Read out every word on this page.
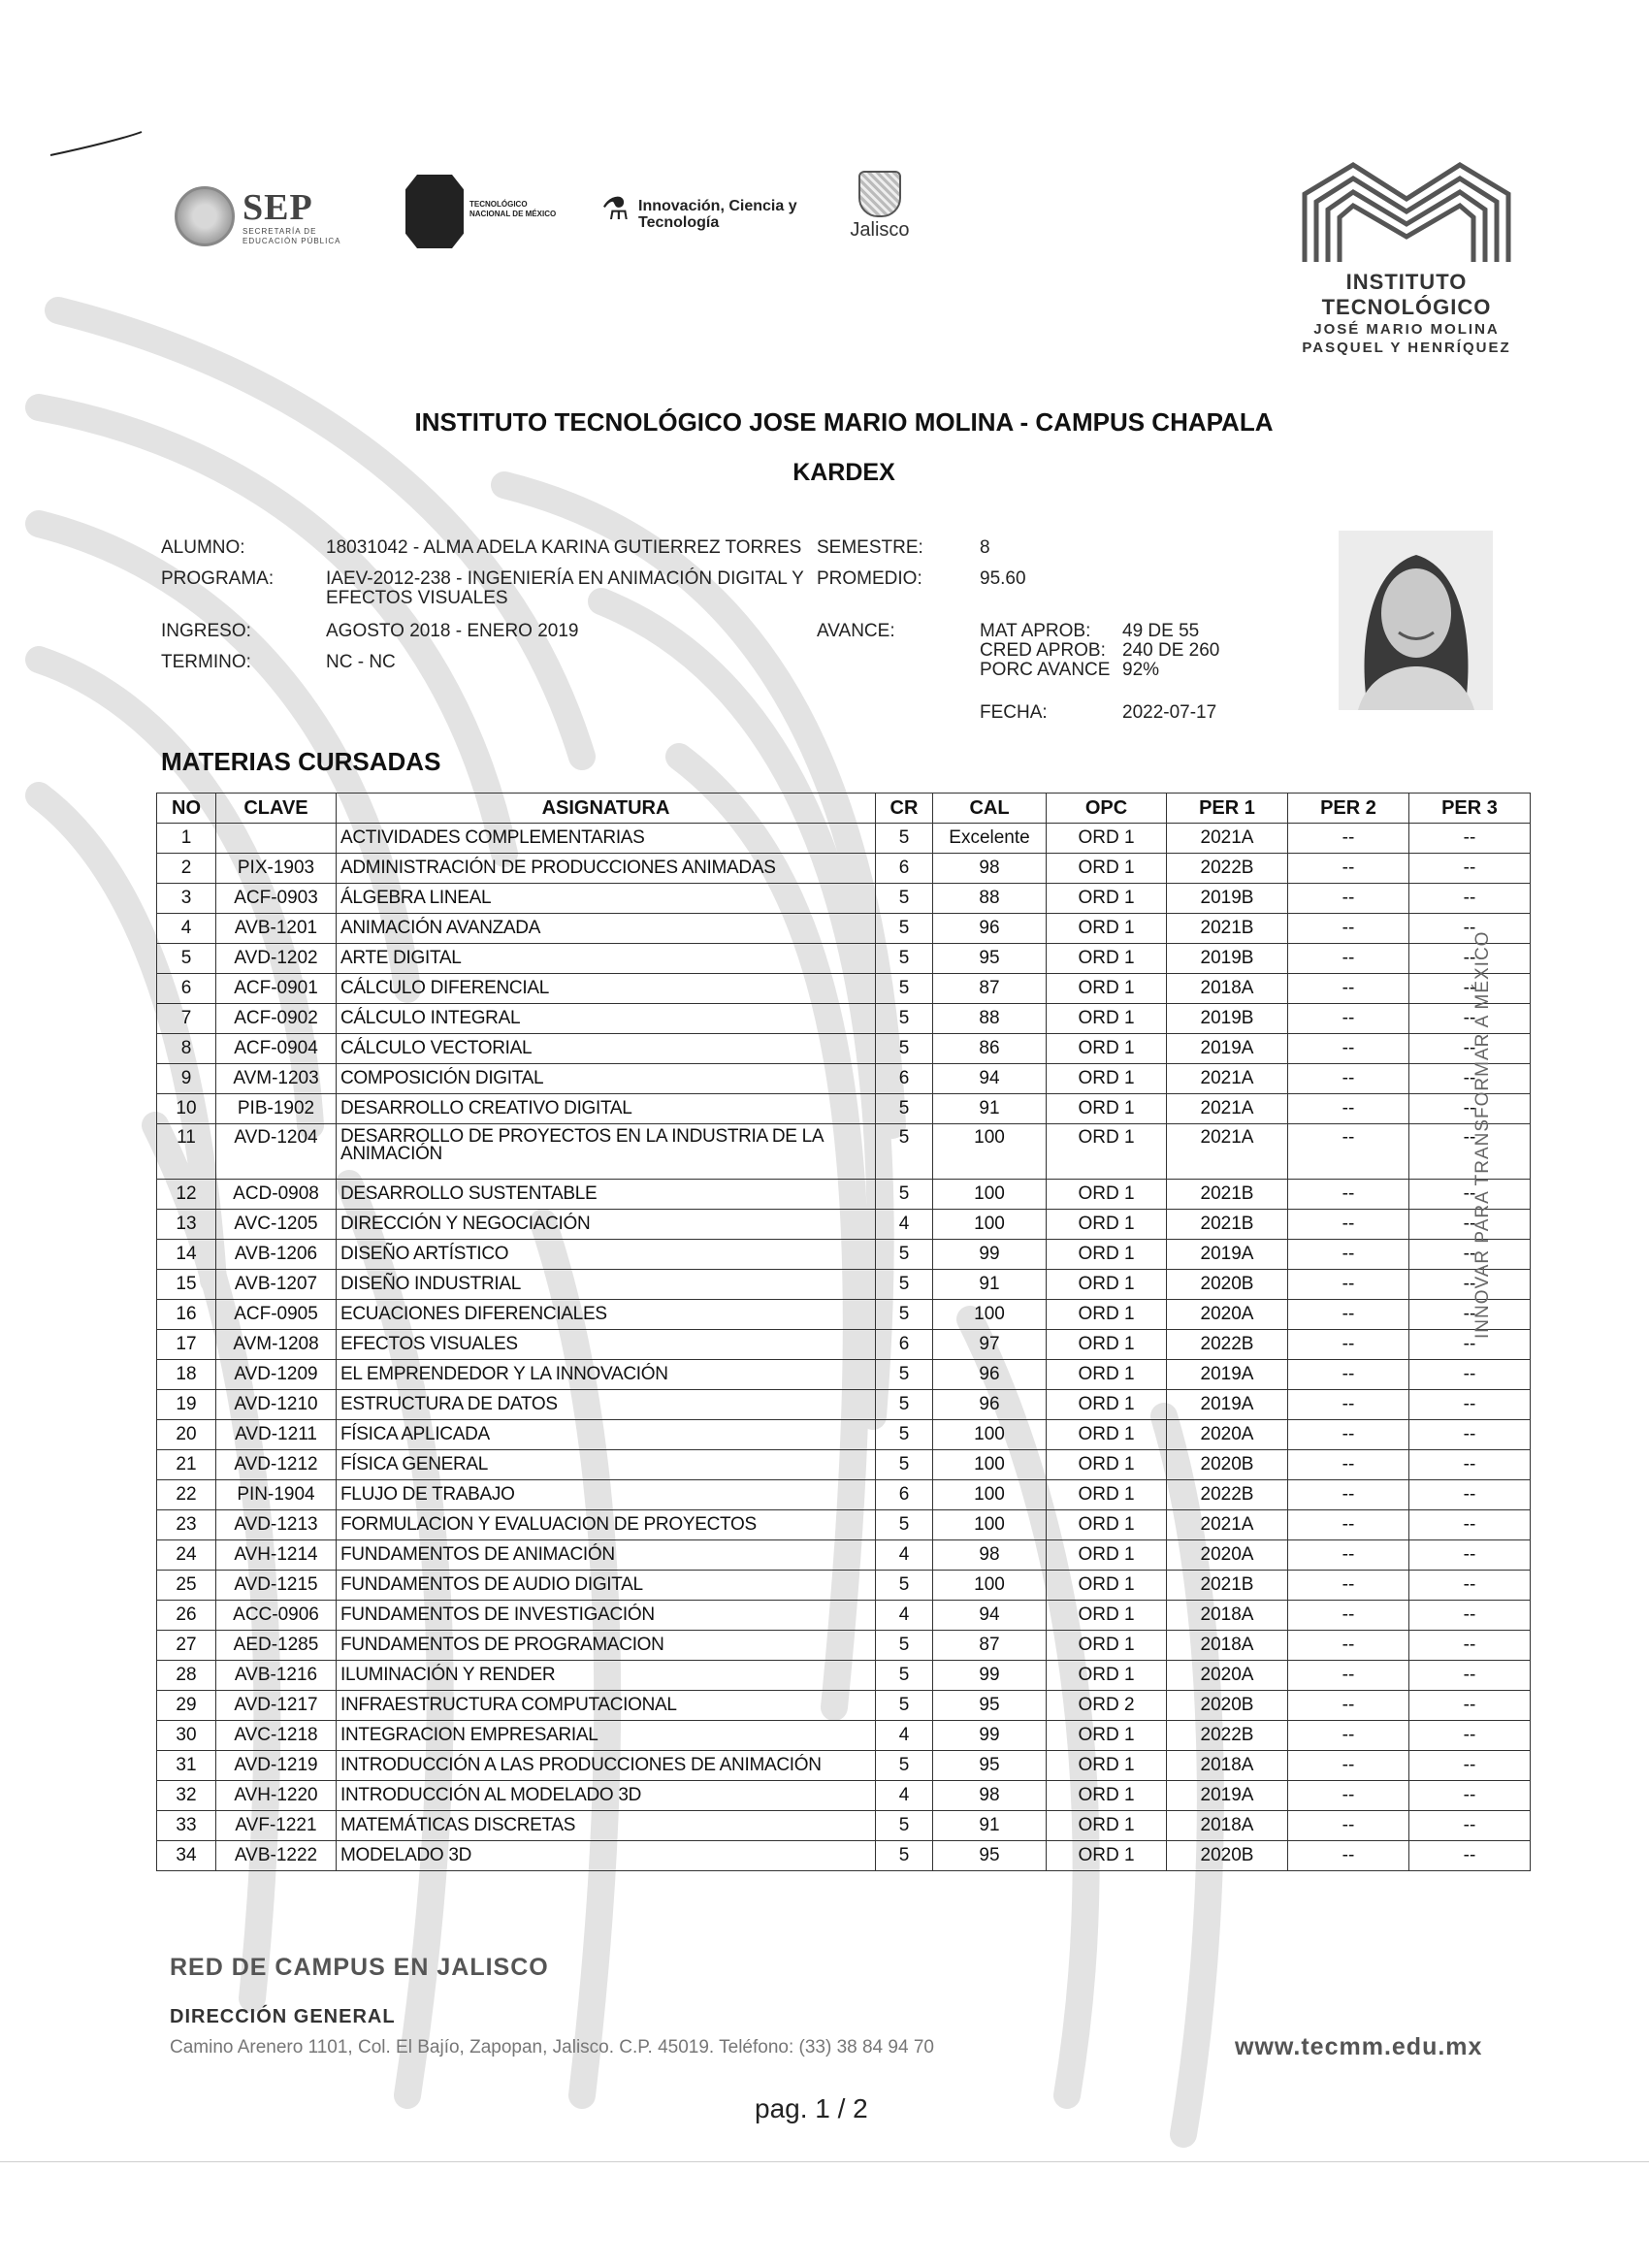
SEP
SECRETARÍA DE EDUCACIÓN PÚBLICA
TECNOLÓGICO NACIONAL DE MÉXICO ⚗ Innovación, Ciencia y Tecnología	Jalisco
INSTITUTO TECNOLÓGICO
JOSÉ MARIO MOLINA
PASQUEL Y HENRÍQUEZ
INSTITUTO TECNOLÓGICO JOSE MARIO MOLINA - CAMPUS CHAPALA
KARDEX
ALUMNO:	18031042 - ALMA ADELA KARINA GUTIERREZ TORRES
PROGRAMA:	IAEV-2012-238 - INGENIERÍA EN ANIMACIÓN DIGITAL Y
EFECTOS VISUALES
INGRESO:	AGOSTO 2018 - ENERO 2019
TERMINO:	NC - NC
SEMESTRE:	8
PROMEDIO:	95.60
AVANCE:	MAT APROB: 49 DE 55
CRED APROB: 240 DE 260
PORC AVANCE 92%
FECHA:	2022-07-17
MATERIAS CURSADAS
NO	CLAVE	ASIGNATURA	CR	CAL	OPC	PER 1	PER 2	PER 3
1		ACTIVIDADES COMPLEMENTARIAS	5	Excelente	ORD 1	2021A	--	--
2	PIX-1903	ADMINISTRACIÓN DE PRODUCCIONES ANIMADAS	6	98	ORD 1	2022B	--	--
3	ACF-0903	ÁLGEBRA LINEAL	5	88	ORD 1	2019B	--	--
4	AVB-1201	ANIMACIÓN AVANZADA	5	96	ORD 1	2021B	--	--
5	AVD-1202	ARTE DIGITAL	5	95	ORD 1	2019B	--	--
6	ACF-0901	CÁLCULO DIFERENCIAL	5	87	ORD 1	2018A	--	--
7	ACF-0902	CÁLCULO INTEGRAL	5	88	ORD 1	2019B	--	--
8	ACF-0904	CÁLCULO VECTORIAL	5	86	ORD 1	2019A	--	--
9	AVM-1203	COMPOSICIÓN DIGITAL	6	94	ORD 1	2021A	--	--
10	PIB-1902	DESARROLLO CREATIVO DIGITAL	5	91	ORD 1	2021A	--	--
11	AVD-1204	DESARROLLO DE PROYECTOS EN LA INDUSTRIA DE LA ANIMACIÓN	5	100	ORD 1	2021A	--	--
12	ACD-0908	DESARROLLO SUSTENTABLE	5	100	ORD 1	2021B	--	--
13	AVC-1205	DIRECCIÓN Y NEGOCIACIÓN	4	100	ORD 1	2021B	--	--
14	AVB-1206	DISEÑO ARTÍSTICO	5	99	ORD 1	2019A	--	--
15	AVB-1207	DISEÑO INDUSTRIAL	5	91	ORD 1	2020B	--	--
16	ACF-0905	ECUACIONES DIFERENCIALES	5	100	ORD 1	2020A	--	--
17	AVM-1208	EFECTOS VISUALES	6	97	ORD 1	2022B	--	--
18	AVD-1209	EL EMPRENDEDOR Y LA INNOVACIÓN	5	96	ORD 1	2019A	--	--
19	AVD-1210	ESTRUCTURA DE DATOS	5	96	ORD 1	2019A	--	--
20	AVD-1211	FÍSICA APLICADA	5	100	ORD 1	2020A	--	--
21	AVD-1212	FÍSICA GENERAL	5	100	ORD 1	2020B	--	--
22	PIN-1904	FLUJO DE TRABAJO	6	100	ORD 1	2022B	--	--
23	AVD-1213	FORMULACION Y EVALUACION DE PROYECTOS	5	100	ORD 1	2021A	--	--
24	AVH-1214	FUNDAMENTOS DE ANIMACIÓN	4	98	ORD 1	2020A	--	--
25	AVD-1215	FUNDAMENTOS DE AUDIO DIGITAL	5	100	ORD 1	2021B	--	--
26	ACC-0906	FUNDAMENTOS DE INVESTIGACIÓN	4	94	ORD 1	2018A	--	--
27	AED-1285	FUNDAMENTOS DE PROGRAMACION	5	87	ORD 1	2018A	--	--
28	AVB-1216	ILUMINACIÓN Y RENDER	5	99	ORD 1	2020A	--	--
29	AVD-1217	INFRAESTRUCTURA COMPUTACIONAL	5	95	ORD 2	2020B	--	--
30	AVC-1218	INTEGRACION EMPRESARIAL	4	99	ORD 1	2022B	--	--
31	AVD-1219	INTRODUCCIÓN A LAS PRODUCCIONES DE ANIMACIÓN	5	95	ORD 1	2018A	--	--
32	AVH-1220	INTRODUCCIÓN AL MODELADO 3D	4	98	ORD 1	2019A	--	--
33	AVF-1221	MATEMÁTICAS DISCRETAS	5	91	ORD 1	2018A	--	--
34	AVB-1222	MODELADO 3D	5	95	ORD 1	2020B	--	--
INNOVAR PARA TRANSFORMAR A MÉXICO
RED DE CAMPUS EN JALISCO
DIRECCIÓN GENERAL
Camino Arenero 1101, Col. El Bajío, Zapopan, Jalisco. C.P. 45019. Teléfono: (33) 38 84 94 70	www.tecmm.edu.mx
pag. 1 / 2
